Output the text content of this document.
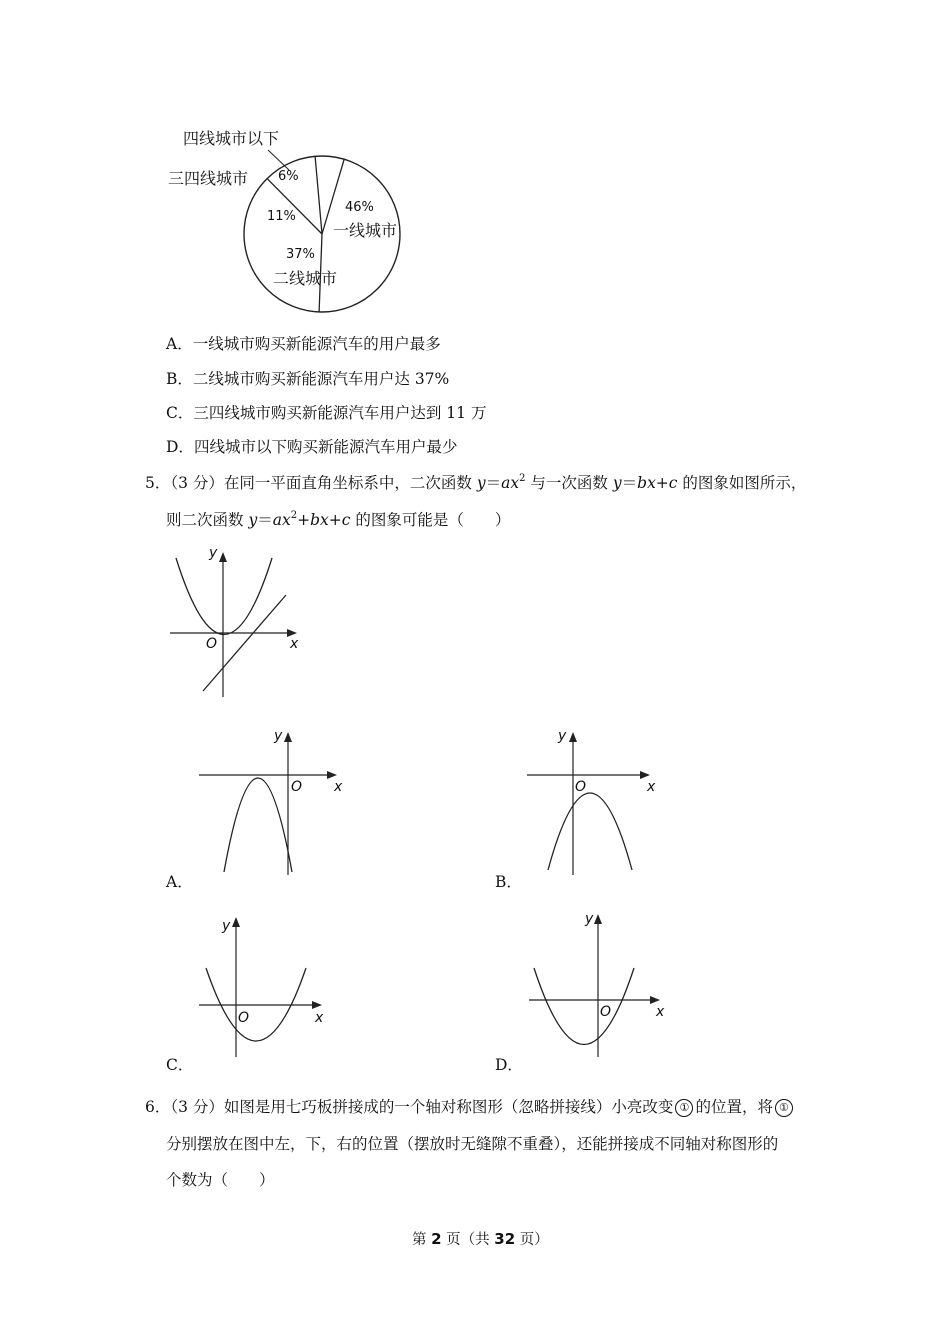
四线城市以下
三四线城市
一线城市
二线城市
6%
11%
46%
37%
A．一线城市购买新能源汽车的用户最多
B．二线城市购买新能源汽车用户达 37%
C．三四线城市购买新能源汽车用户达到 11 万
D．四线城市以下购买新能源汽车用户最少
5．（3 分）在同一平面直角坐标系中，二次函数 $y=ax^2$ 与一次函数 y＝bx+c 的图象如图所示，
则二次函数 $y=ax^2+bx+c$ 的图象可能是（　　）
y
x
O
y
x
O
A．
y
x
O
B．
y
x
O
C．
y
x
O
D．
6．（3 分）如图是用七巧板拼接成的一个轴对称图形（忽略拼接线）小亮改变 ① 的位置，将 ①
分别摆放在图中左，下，右的位置（摆放时无缝隙不重叠），还能拼接成不同轴对称图形的
个数为（　　）
第 2 页（共 32 页）
